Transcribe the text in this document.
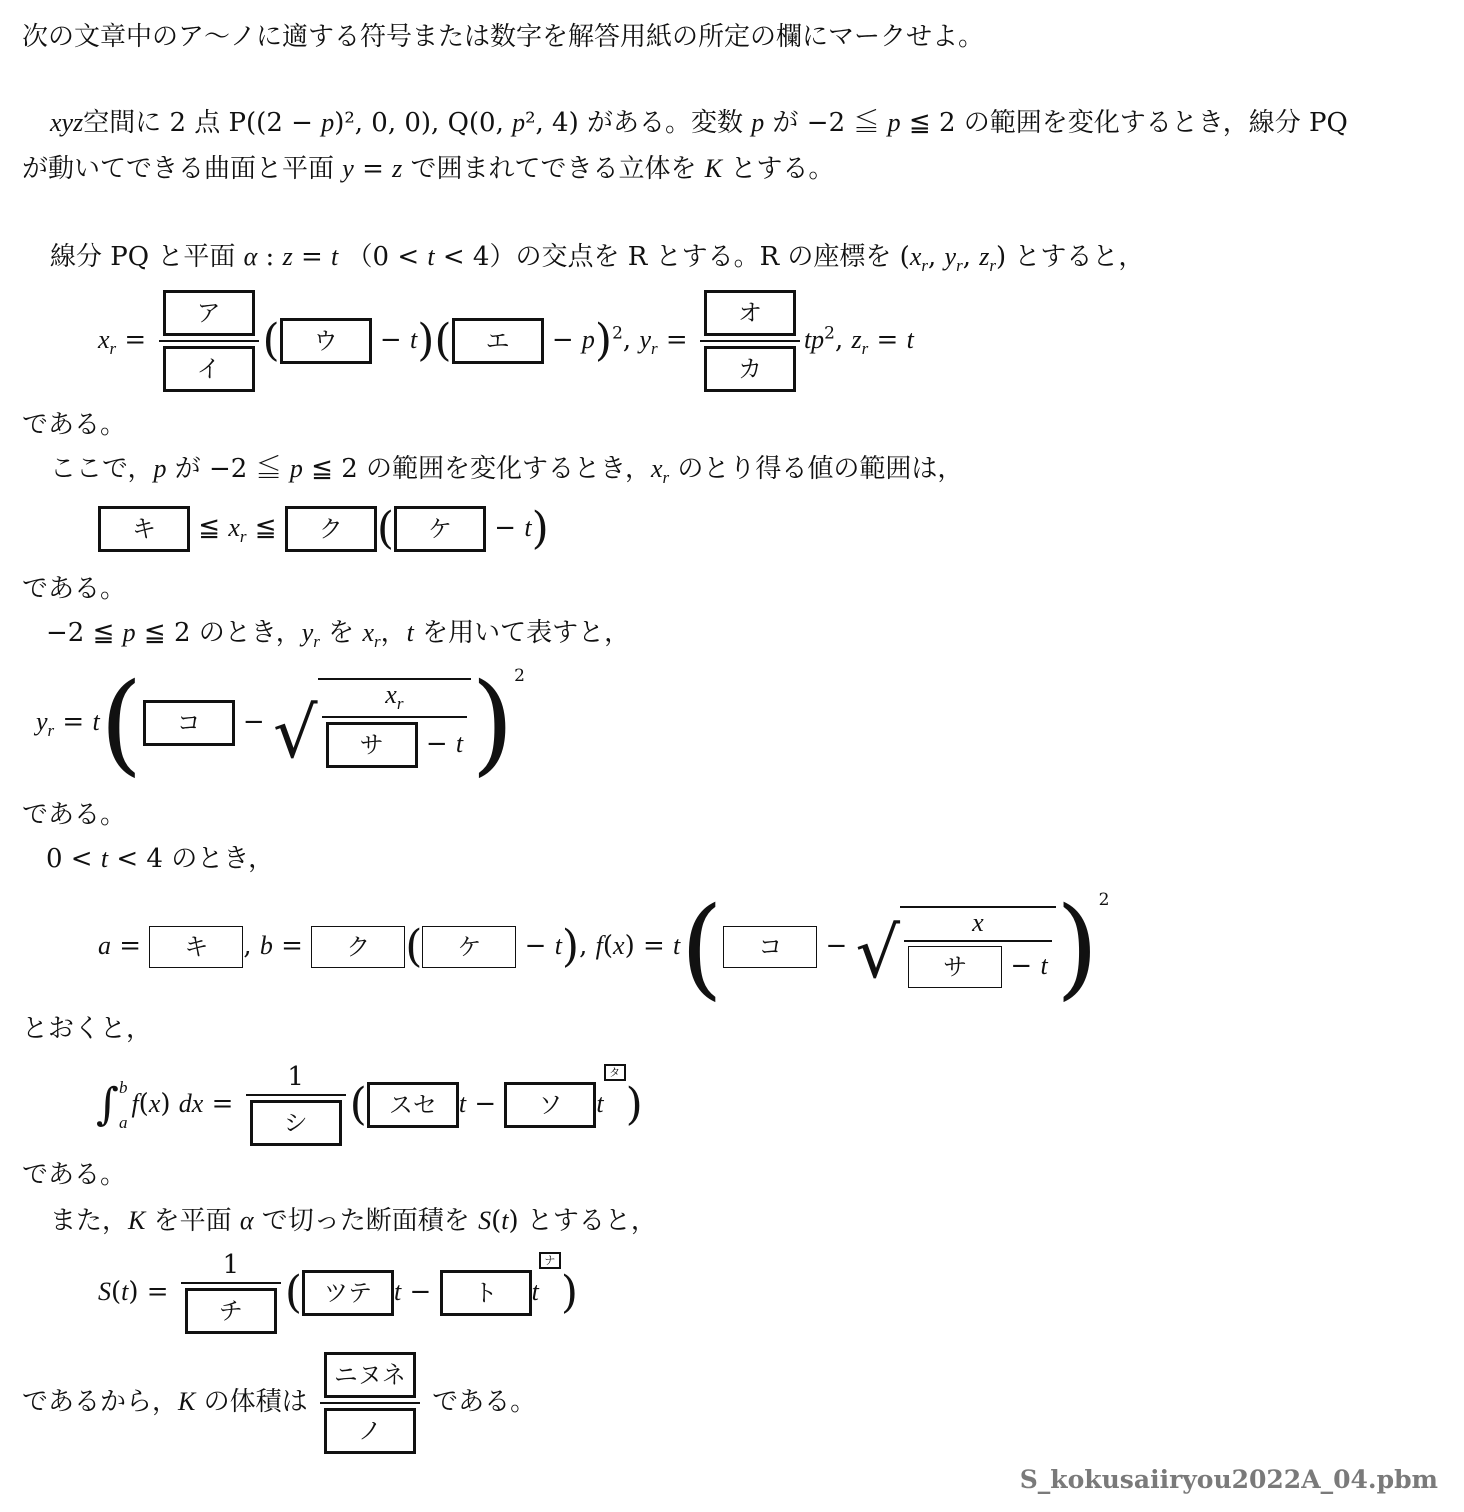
次の文章中のア～ノに適する符号または数字を解答用紙の所定の欄にマークせよ。
xyz空間に 2 点 P((2 − p)², 0, 0), Q(0, p², 4) がある。変数 p が −2 ≦ p ≦ 2 の範囲を変化するとき，線分 PQ
が動いてできる曲面と平面 y = z で囲まれてできる立体を K とする。
線分 PQ と平面 α : z = t （0 < t < 4）の交点を R とする。R の座標を ($x_r$, $y_r$, $z_r$) とすると，
$x_r = \frac{\text{ア}}{\text{イ}}$ ( ウ − t)( エ − p)$^2$, $y_r = \frac{\text{オ}}{\text{カ}} tp^2$, $z_r = t$
である。
ここで，p が −2 ≦ p ≦ 2 の範囲を変化するとき，$x_r$ のとり得る値の範囲は，
キ ≦ $x_r$ ≦ ク ( ケ − t)
である。
−2 ≦ p ≦ 2 のとき，$y_r$ を $x_r$，t を用いて表すと，
$y_r = t$( コ − √ $\frac{x_r}{\text{サ − t}} )^2$
である。
0 < t < 4 のとき，
a = キ , b = ク ( ケ − t), f(x) = t( コ − √ $\frac{x}{\text{サ − t}} )^2$
とおくと，
∫ b
a
f(x) dx = $\frac{1}{\text{シ}}$ ( スセ t − ソ tタ)
である。
また，K を平面 α で切った断面積を S(t) とすると，
$S(t) = \frac{1}{\text{チ}}$ ( ツテ t − ト tナ)
であるから，K の体積は $\frac{\text{ニヌネ}}{\text{ノ}}$ である。
S_kokusaiiryou2022A_04.pbm
